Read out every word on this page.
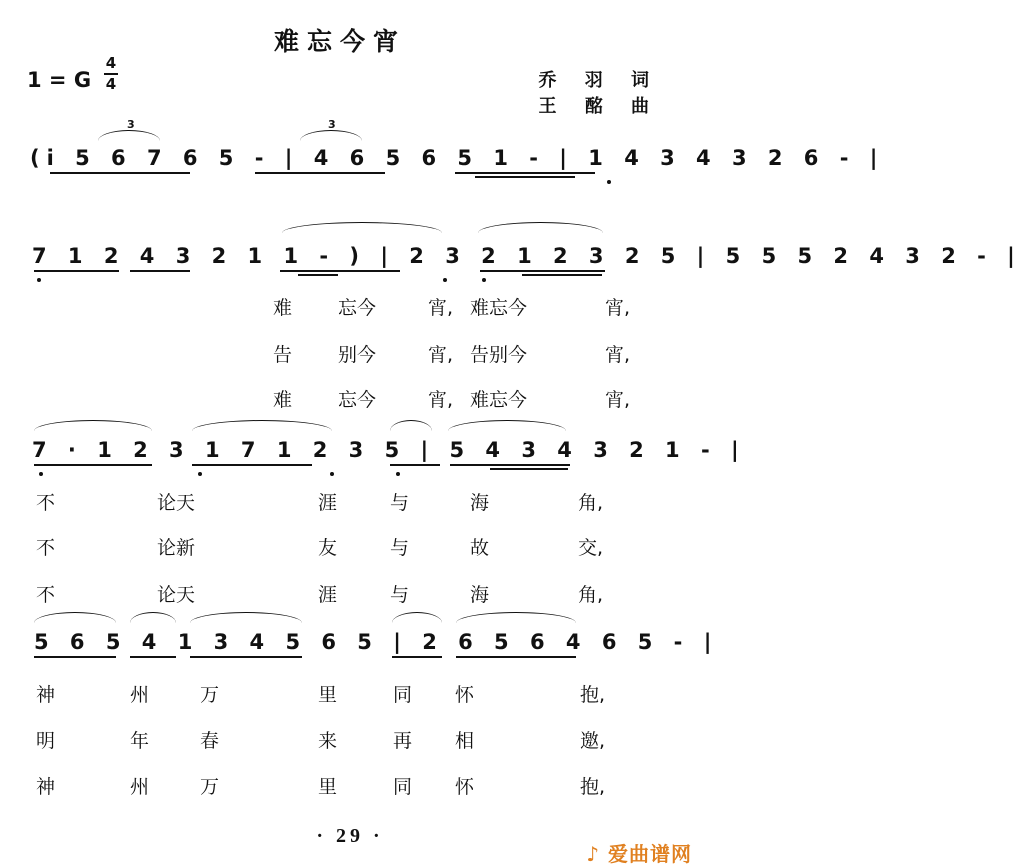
难忘今宵
1 = G
4
4	乔 羽 词
王 酩 曲
(i 5 6 7 6 5 - | 4 6 5 6 5 1 - | 1 4 3 4 3 2 6 - |
3	3
7 1 2 4 3 2 1 1 - ) | 2 3 2 1 2 3 2 5 | 5 5 5 2 4 3 2 - |
难 忘今	宵, 难忘今	宵,
告 别今	宵, 告别今	宵,
难 忘今	宵, 难忘今	宵,
7 · 1 2 3 1 7 1 2 3 5 | 5 4 3 4 3 2 1 - |
不	论天	涯	与	海	角,
不	论新	友	与	故	交,
不	论天	涯	与	海	角,
5 6 5 4 1 3 4 5 6 5 | 2 6 5 6 4 6 5 - |
神	州	万	里	同 怀	抱,
明	年	春	来	再 相	邀,
神	州	万	里	同 怀	抱,
· 29 ·
♪ 爱曲谱网
